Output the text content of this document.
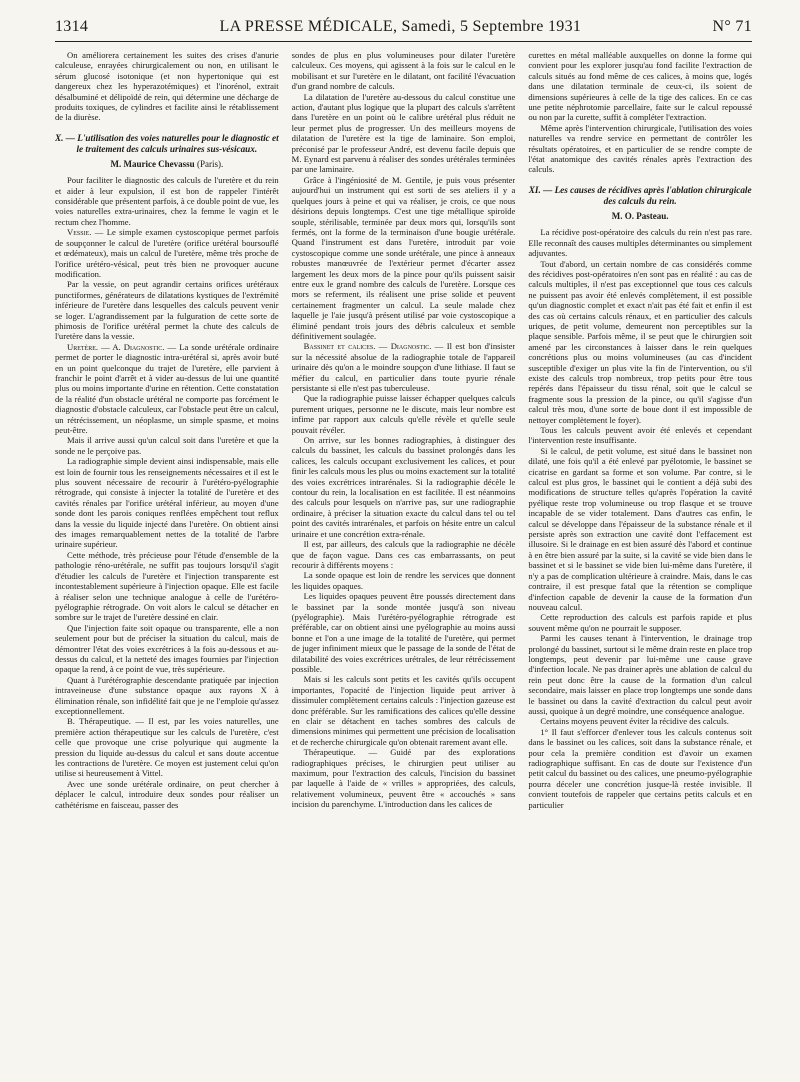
1314	LA PRESSE MÉDICALE, Samedi, 5 Septembre 1931	N° 71

On améliorera certainement les suites des crises d'anurie calculeuse, enrayées chirurgicalement ou non, en utilisant le sérum glucosé isotonique (et non hypertonique qui est dangereux chez les hyperazotémiques) et l'inorénol, extrait désalbuminé et délipoïdé de rein, qui détermine une décharge de produits toxiques, de cylindres et facilite ainsi le rétablissement de la diurèse.

X. — L'utilisation des voies naturelles pour le diagnostic et le traitement des calculs urinaires sus-vésicaux.

M. Maurice Chevassu (Paris).

Pour faciliter le diagnostic des calculs de l'uretère et du rein et aider à leur expulsion, il est bon de rappeler l'intérêt considérable que présentent parfois, à ce double point de vue, les voies naturelles extra-urinaires, chez la femme le vagin et le rectum chez l'homme.

Vessie. — Le simple examen cystoscopique permet parfois de soupçonner le calcul de l'uretère (orifice urétéral boursouflé et œdémateux), mais un calcul de l'uretère, même très proche de l'orifice urétéro-vésical, peut très bien ne provoquer aucune modification.

Par la vessie, on peut agrandir certains orifices urétéraux punctiformes, générateurs de dilatations kystiques de l'extrémité inférieure de l'uretère dans lesquelles des calculs peuvent venir se loger. L'agrandissement par la fulguration de cette sorte de phimosis de l'orifice urétéral permet la chute des calculs de l'uretère dans la vessie.

Uretère. — A. Diagnostic. — La sonde urétérale ordinaire permet de porter le diagnostic intra-urétéral si, après avoir buté en un point quelconque du trajet de l'uretère, elle parvient à franchir le point d'arrêt et à vider au-dessus de lui une quantité plus ou moins importante d'urine en rétention. Cette constatation de la réalité d'un obstacle urétéral ne comporte pas forcément le diagnostic d'obstacle calculeux, car l'obstacle peut être un calcul, un rétrécissement, un néoplasme, un simple spasme, et moins peut-être.

Mais il arrive aussi qu'un calcul soit dans l'uretère et que la sonde ne le perçoive pas.

La radiographie simple devient ainsi indispensable, mais elle est loin de fournir tous les renseignements nécessaires et il est le plus souvent nécessaire de recourir à l'urétéro-pyélographie rétrograde, qui consiste à injecter la totalité de l'uretère et des cavités rénales par l'orifice urétéral inférieur, au moyen d'une sonde dont les parois coniques renflées empêchent tout reflux dans la vessie du liquide injecté dans l'uretère. On obtient ainsi des images remarquablement nettes de la totalité de l'arbre urinaire supérieur.

Cette méthode, très précieuse pour l'étude d'ensemble de la pathologie réno-urétérale, ne suffit pas toujours lorsqu'il s'agit d'étudier les calculs de l'uretère et l'injection transparente est incontestablement supérieure à l'injection opaque. Elle est facile à réaliser selon une technique analogue à celle de l'urétéro-pyélographie rétrograde. On voit alors le calcul se détacher en sombre sur le trajet de l'uretère dessiné en clair.

Que l'injection faite soit opaque ou transparente, elle a non seulement pour but de préciser la situation du calcul, mais de démontrer l'état des voies excrétrices à la fois au-dessous et au-dessus du calcul, et la netteté des images fournies par l'injection opaque la rend, à ce point de vue, très supérieure.

Quant à l'urétérographie descendante pratiquée par injection intraveineuse d'une substance opaque aux rayons X à élimination rénale, son infidélité fait que je ne l'emploie qu'assez exceptionnellement.

B. Thérapeutique. — Il est, par les voies naturelles, une première action thérapeutique sur les calculs de l'uretère, c'est celle que provoque une crise polyurique qui augmente la pression du liquide au-dessus du calcul et sans doute accentue les contractions de l'uretère. Ce moyen est justement celui qu'on utilise si heureusement à Vittel.

Avec une sonde urétérale ordinaire, on peut chercher à déplacer le calcul, introduire deux sondes pour réaliser un cathétérisme en faisceau, passer des

sondes de plus en plus volumineuses pour dilater l'uretère calculeux. Ces moyens, qui agissent à la fois sur le calcul en le mobilisant et sur l'uretère en le dilatant, ont facilité l'évacuation d'un grand nombre de calculs.

La dilatation de l'uretère au-dessous du calcul constitue une action, d'autant plus logique que la plupart des calculs s'arrêtent dans l'uretère en un point où le calibre urétéral plus réduit ne leur permet plus de progresser. Un des meilleurs moyens de dilatation de l'uretère est la tige de laminaire. Son emploi, préconisé par le professeur André, est devenu facile depuis que M. Eynard est parvenu à réaliser des sondes urétérales terminées par une laminaire.

Grâce à l'ingéniosité de M. Gentile, je puis vous présenter aujourd'hui un instrument qui est sorti de ses ateliers il y a quelques jours à peine et qui va réaliser, je crois, ce que nous désirions depuis longtemps. C'est une tige métallique spiroïde souple, stérilisable, terminée par deux mors qui, lorsqu'ils sont fermés, ont la forme de la terminaison d'une bougie urétérale. Quand l'instrument est dans l'uretère, introduit par voie cystoscopique comme une sonde urétérale, une pince à anneaux robustes manœuvrée de l'extérieur permet d'écarter assez largement les deux mors de la pince pour qu'ils puissent saisir entre eux le grand nombre des calculs de l'uretère. Lorsque ces mors se referment, ils réalisent une prise solide et peuvent certainement fragmenter un calcul. La seule malade chez laquelle je l'aie jusqu'à présent utilisé par voie cystoscopique a éliminé pendant trois jours des débris calculeux et semble définitivement soulagée.

Bassinet et calices. — Diagnostic. — Il est bon d'insister sur la nécessité absolue de la radiographie totale de l'appareil urinaire dès qu'on a le moindre soupçon d'une lithiase. Il faut se méfier du calcul, en particulier dans toute pyurie rénale persistante si elle n'est pas tuberculeuse.

Que la radiographie puisse laisser échapper quelques calculs purement uriques, personne ne le discute, mais leur nombre est infime par rapport aux calculs qu'elle révèle et qu'elle seule pouvait révéler.

On arrive, sur les bonnes radiographies, à distinguer des calculs du bassinet, les calculs du bassinet prolongés dans les calices, les calculs occupant exclusivement les calices, et pour finir les calculs mous les plus ou moins exactement sur la totalité des voies excrétrices intrarénales. Si la radiographie décèle le contour du rein, la localisation en est facilitée. Il est néanmoins des calculs pour lesquels on n'arrive pas, sur une radiographie ordinaire, à préciser la situation exacte du calcul dans tel ou tel point des cavités intrarénales, et parfois on hésite entre un calcul urinaire et une concrétion extra-rénale.

Il est, par ailleurs, des calculs que la radiographie ne décèle que de façon vague. Dans ces cas embarrassants, on peut recourir à différents moyens :

La sonde opaque est loin de rendre les services que donnent les liquides opaques.

Les liquides opaques peuvent être poussés directement dans le bassinet par la sonde montée jusqu'à son niveau (pyélographie). Mais l'urétéro-pyélographie rétrograde est préférable, car on obtient ainsi une pyélographie au moins aussi bonne et l'on a une image de la totalité de l'uretère, qui permet de juger infiniment mieux que le passage de la sonde de l'état de dilatabilité des voies excrétrices urétrales, de leur rétrécissement possible.

Mais si les calculs sont petits et les cavités qu'ils occupent importantes, l'opacité de l'injection liquide peut arriver à dissimuler complètement certains calculs : l'injection gazeuse est donc préférable. Sur les ramifications des calices qu'elle dessine en clair se détachent en taches sombres des calculs de dimensions minimes qui permettent une précision de localisation et de recherche chirurgicale qu'on obtenait rarement avant elle.

Thérapeutique. — Guidé par des explorations radiographiques précises, le chirurgien peut utiliser au maximum, pour l'extraction des calculs, l'incision du bassinet par laquelle à l'aide de « vrilles » appropriées, des calculs, relativement volumineux, peuvent être « accouchés » sans incision du parenchyme. L'introduction dans les calices de

curettes en métal malléable auxquelles on donne la forme qui convient pour les explorer jusqu'au fond facilite l'extraction de calculs situés au fond même de ces calices, à moins que, logés dans une dilatation terminale de ceux-ci, ils soient de dimensions supérieures à celle de la tige des calices. En ce cas une petite néphrotomie parcellaire, faite sur le calcul repoussé ou non par la curette, suffit à compléter l'extraction.

Même après l'intervention chirurgicale, l'utilisation des voies naturelles va rendre service en permettant de contrôler les résultats opératoires, et en particulier de se rendre compte de l'état anatomique des cavités rénales après l'extraction des calculs.

XI. — Les causes de récidives après l'ablation chirurgicale des calculs du rein.

M. O. Pasteau.

La récidive post-opératoire des calculs du rein n'est pas rare. Elle reconnaît des causes multiples déterminantes ou simplement adjuvantes.

Tout d'abord, un certain nombre de cas considérés comme des récidives post-opératoires n'en sont pas en réalité : au cas de calculs multiples, il n'est pas exceptionnel que tous ces calculs ne puissent pas avoir été enlevés complètement, il est possible qu'un diagnostic complet et exact n'ait pas été fait et enfin il est des cas où certains calculs rénaux, et en particulier des calculs uriques, de petit volume, demeurent non perceptibles sur la plaque sensible. Parfois même, il se peut que le chirurgien soit amené par les circonstances à laisser dans le rein quelques concrétions plus ou moins volumineuses (au cas d'incident susceptible d'exiger un plus vite la fin de l'intervention, ou s'il existe des calculs trop nombreux, trop petits pour être tous repérés dans l'épaisseur du tissu rénal, soit que le calcul se fragmente sous la pression de la pince, ou qu'il s'agisse d'un calcul très mou, d'une sorte de boue dont il est impossible de nettoyer complètement le foyer).

Tous les calculs peuvent avoir été enlevés et cependant l'intervention reste insuffisante.

Si le calcul, de petit volume, est situé dans le bassinet non dilaté, une fois qu'il a été enlevé par pyélotomie, le bassinet se cicatrise en gardant sa forme et son volume. Par contre, si le calcul est plus gros, le bassinet qui le contient a déjà subi des modifications de structure telles qu'après l'opération la cavité pyélique reste trop volumineuse ou trop flasque et se trouve incapable de se vider totalement. Dans d'autres cas enfin, le calcul se développe dans l'épaisseur de la substance rénale et il persiste après son extraction une cavité dont l'effacement est illusoire. Si le drainage en est bien assuré dès l'abord et continue à en être bien assuré par la suite, si la cavité se vide bien dans le bassinet et si le bassinet se vide bien lui-même dans l'uretère, il n'y a pas de complication ultérieure à craindre. Mais, dans le cas contraire, il est presque fatal que la rétention se complique d'infection capable de devenir la cause de la formation d'un nouveau calcul.

Cette reproduction des calculs est parfois rapide et plus souvent même qu'on ne pourrait le supposer.

Parmi les causes tenant à l'intervention, le drainage trop prolongé du bassinet, surtout si le même drain reste en place trop longtemps, peut devenir par lui-même une cause grave d'infection locale. Ne pas drainer après une ablation de calcul du rein peut donc être la cause de la formation d'un calcul secondaire, mais laisser en place trop longtemps une sonde dans le bassinet ou dans la cavité d'extraction du calcul peut avoir aussi, quoique à un degré moindre, une conséquence analogue.

Certains moyens peuvent éviter la récidive des calculs.

1° Il faut s'efforcer d'enlever tous les calculs contenus soit dans le bassinet ou les calices, soit dans la substance rénale, et pour cela la première condition est d'avoir un examen radiographique suffisant. En cas de doute sur l'existence d'un petit calcul du bassinet ou des calices, une pneumo-pyélographie pourra déceler une concrétion jusque-là restée invisible. Il convient toutefois de rappeler que certains petits calculs et en particulier
